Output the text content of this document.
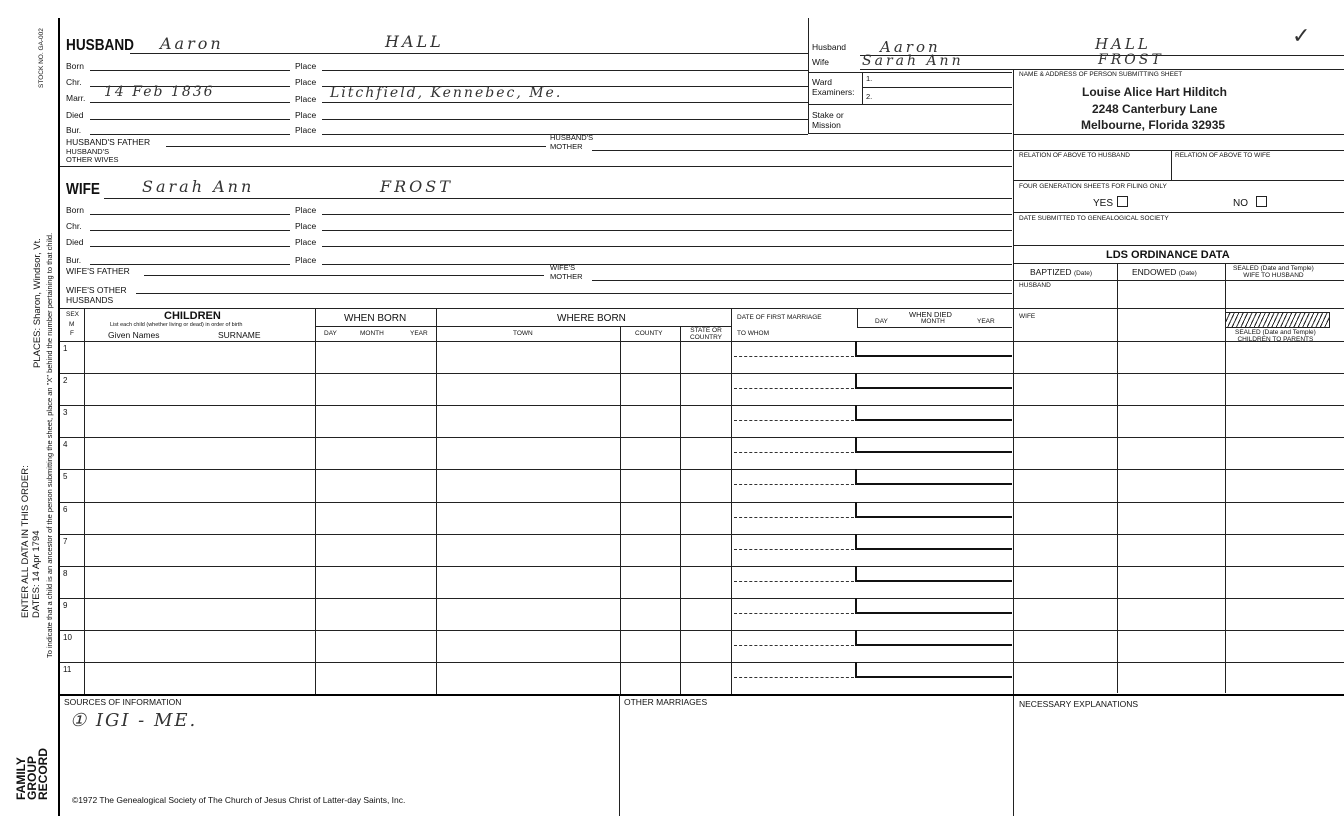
STOCK NO. GA-002
PLACES: Sharon, Windsor, Vt. To indicate that a child is an ancestor of the person submitting the sheet, place an "X" behind the number pertaining to that child.
ENTER ALL DATA IN THIS ORDER: DATES: 14 Apr 1794
FAMILY
GROUP
RECORD
HUSBAND Aaron	HALL
Born	Place
Chr.	Place
Marr. 14 Feb 1836	Place Litchfield, Kennebec, Me.
Died	Place
Bur.	Place
HUSBAND'S FATHER	HUSBAND'S
MOTHER
HUSBAND'S
OTHER WIVES
WIFE	Sarah Ann	FROST
Born	Place
Chr.	Place
Died	Place
Bur.	Place
WIFE'S FATHER	WIFE'S
MOTHER
WIFE'S OTHER
HUSBANDS
Husband Aaron	HALL	✓
Wife Sarah Ann	FROST
Ward
Examiners:
1.
2.
Stake or
Mission
NAME & ADDRESS OF PERSON SUBMITTING SHEET
Louise Alice Hart Hilditch
2248 Canterbury Lane
Melbourne, Florida 32935
RELATION OF ABOVE TO HUSBAND	RELATION OF ABOVE TO WIFE
FOUR GENERATION SHEETS FOR FILING ONLY
YES	NO
DATE SUBMITTED TO GENEALOGICAL SOCIETY
LDS ORDINANCE DATA
BAPTIZED (Date)	ENDOWED (Date)
SEALED (Date and Temple)
WIFE TO HUSBAND
HUSBAND
WIFE
SEALED (Date and Temple)
CHILDREN TO PARENTS
SEX
M
F
CHILDREN
List each child (whether living or dead) in order of birth
Given Names	SURNAME
WHEN BORN
DAY	MONTH	YEAR
WHERE BORN
TOWN	COUNTY	STATE OR
COUNTRY
DATE OF FIRST MARRIAGE
TO WHOM
WHEN DIED
DAY	MONTH	YEAR
1
2
3
4
5
6
7
8
9
10
11
SOURCES OF INFORMATION
① IGI - ME.
OTHER MARRIAGES	NECESSARY EXPLANATIONS
©1972 The Genealogical Society of The Church of Jesus Christ of Latter-day Saints, Inc.
